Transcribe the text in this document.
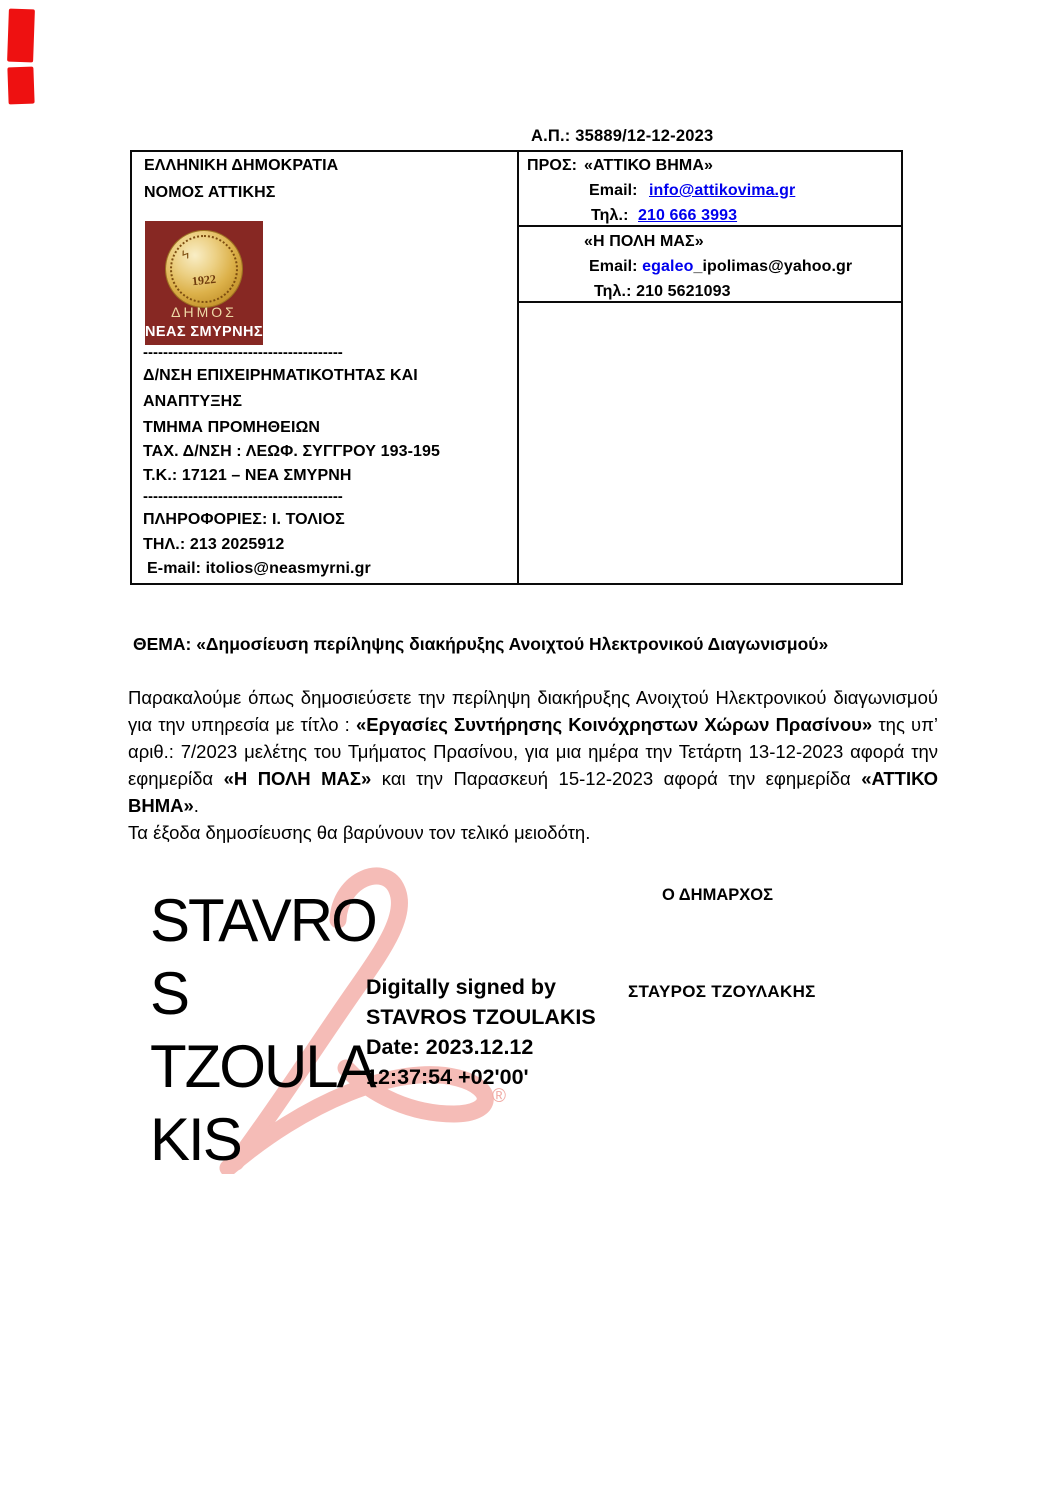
Α.Π.: 35889/12-12-2023
ΕΛΛΗΝΙΚΗ ΔΗΜΟΚΡΑΤΙΑ
ΝΟΜΟΣ ΑΤΤΙΚΗΣ
ϟ
1922
ΔΗΜΟΣ
ΝΕΑΣ ΣΜΥΡΝΗΣ
----------------------------------------
Δ/ΝΣΗ ΕΠΙΧΕΙΡΗΜΑΤΙΚΟΤΗΤΑΣ ΚΑΙ
ΑΝΑΠΤΥΞΗΣ
ΤΜΗΜΑ ΠΡΟΜΗΘΕΙΩΝ
ΤΑΧ. Δ/ΝΣΗ : ΛΕΩΦ. ΣΥΓΓΡΟΥ 193-195
Τ.Κ.: 17121 – ΝΕΑ ΣΜΥΡΝΗ
----------------------------------------
ΠΛΗΡΟΦΟΡΙΕΣ: Ι. ΤΟΛΙΟΣ
ΤΗΛ.: 213 2025912
E-mail: itolios@neasmyrni.gr
ΠΡΟΣ: «ΑΤΤΙΚΟ ΒΗΜΑ»
Email: info@attikovima.gr
Τηλ.: 210 666 3993
«Η ΠΟΛΗ ΜΑΣ»
Email: egaleo_ipolimas@yahoo.gr
Τηλ.: 210 5621093
ΘΕΜΑ: «Δημοσίευση περίληψης διακήρυξης Ανοιχτού Ηλεκτρονικού Διαγωνισμού»

Παρακαλούμε όπως δημοσιεύσετε την περίληψη διακήρυξης Ανοιχτού Ηλεκτρονικού διαγωνισμού για την υπηρεσία με τίτλο : «Εργασίες Συντήρησης Κοινόχρηστων Χώρων Πρασίνου» της υπ’ αριθ.: 7/2023 μελέτης του Τμήματος Πρασίνου, για μια ημέρα την Τετάρτη 13-12-2023 αφορά την εφημερίδα «Η ΠΟΛΗ ΜΑΣ» και την Παρασκευή 15-12-2023 αφορά την εφημερίδα «ΑΤΤΙΚΟ ΒΗΜΑ».

Τα έξοδα δημοσίευσης θα βαρύνουν τον τελικό μειοδότη.

®
STAVRO
S
TZOULA
KIS
Digitally signed by
STAVROS TZOULAKIS
Date: 2023.12.12
12:37:54 +02'00'
Ο ΔΗΜΑΡΧΟΣ
ΣΤΑΥΡΟΣ ΤΖΟΥΛΑΚΗΣ
